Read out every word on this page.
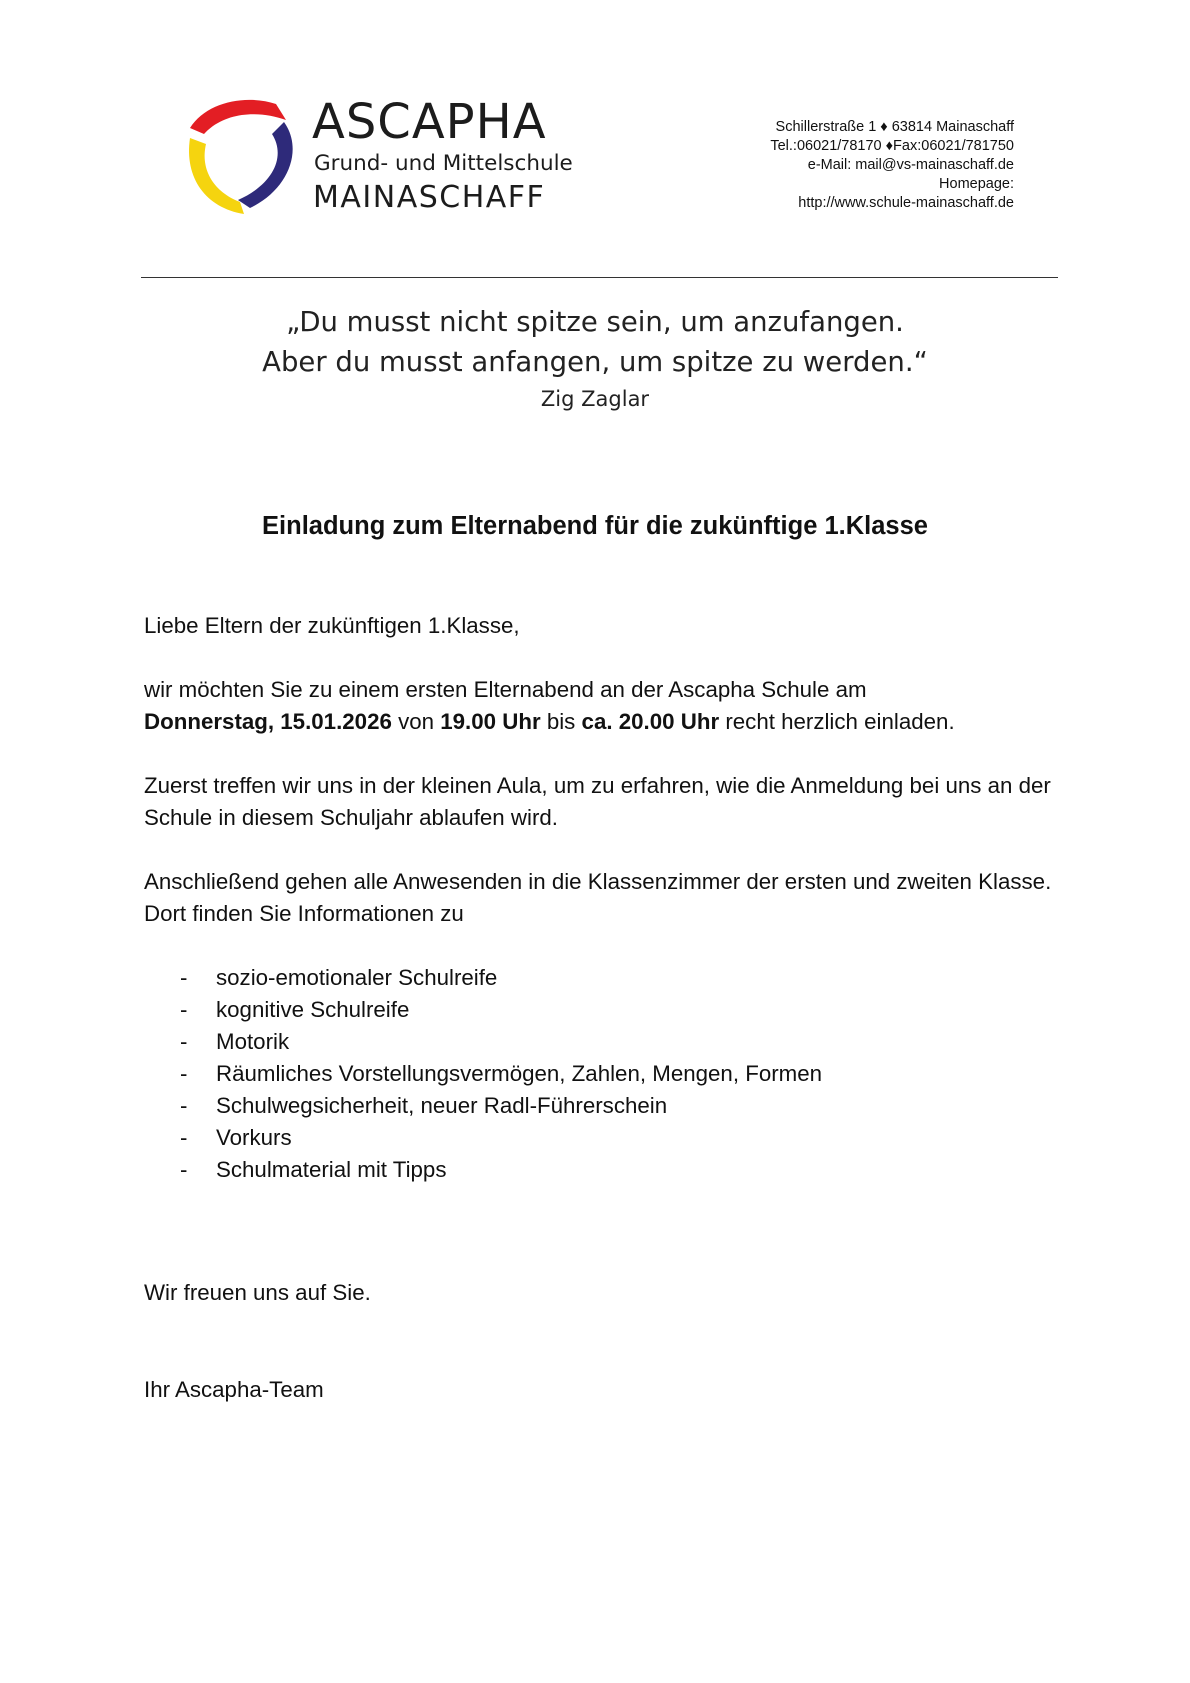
ASCAPHA

Grund- und Mittelschule

MAINASCHAFF

Schillerstraße 1 ♦ 63814 Mainaschaff
Tel.:06021/78170 ♦Fax:06021/781750
e-Mail: mail@vs-mainaschaff.de
Homepage:
http://www.schule-mainaschaff.de

„Du musst nicht spitze sein, um anzufangen.

Aber du musst anfangen, um spitze zu werden.“

Zig Zaglar

Einladung zum Elternabend für die zukünftige 1.Klasse

Liebe Eltern der zukünftigen 1.Klasse,

wir möchten Sie zu einem ersten Elternabend an der Ascapha Schule am
Donnerstag, 15.01.2026 von 19.00 Uhr bis ca. 20.00 Uhr recht herzlich einladen.

Zuerst treffen wir uns in der kleinen Aula, um zu erfahren, wie die Anmeldung bei uns an der Schule in diesem Schuljahr ablaufen wird.

Anschließend gehen alle Anwesenden in die Klassenzimmer der ersten und zweiten Klasse. Dort finden Sie Informationen zu

- sozio-emotionaler Schulreife
- kognitive Schulreife
- Motorik
- Räumliches Vorstellungsvermögen, Zahlen, Mengen, Formen
- Schulwegsicherheit, neuer Radl-Führerschein
- Vorkurs
- Schulmaterial mit Tipps

Wir freuen uns auf Sie.

Ihr Ascapha-Team
